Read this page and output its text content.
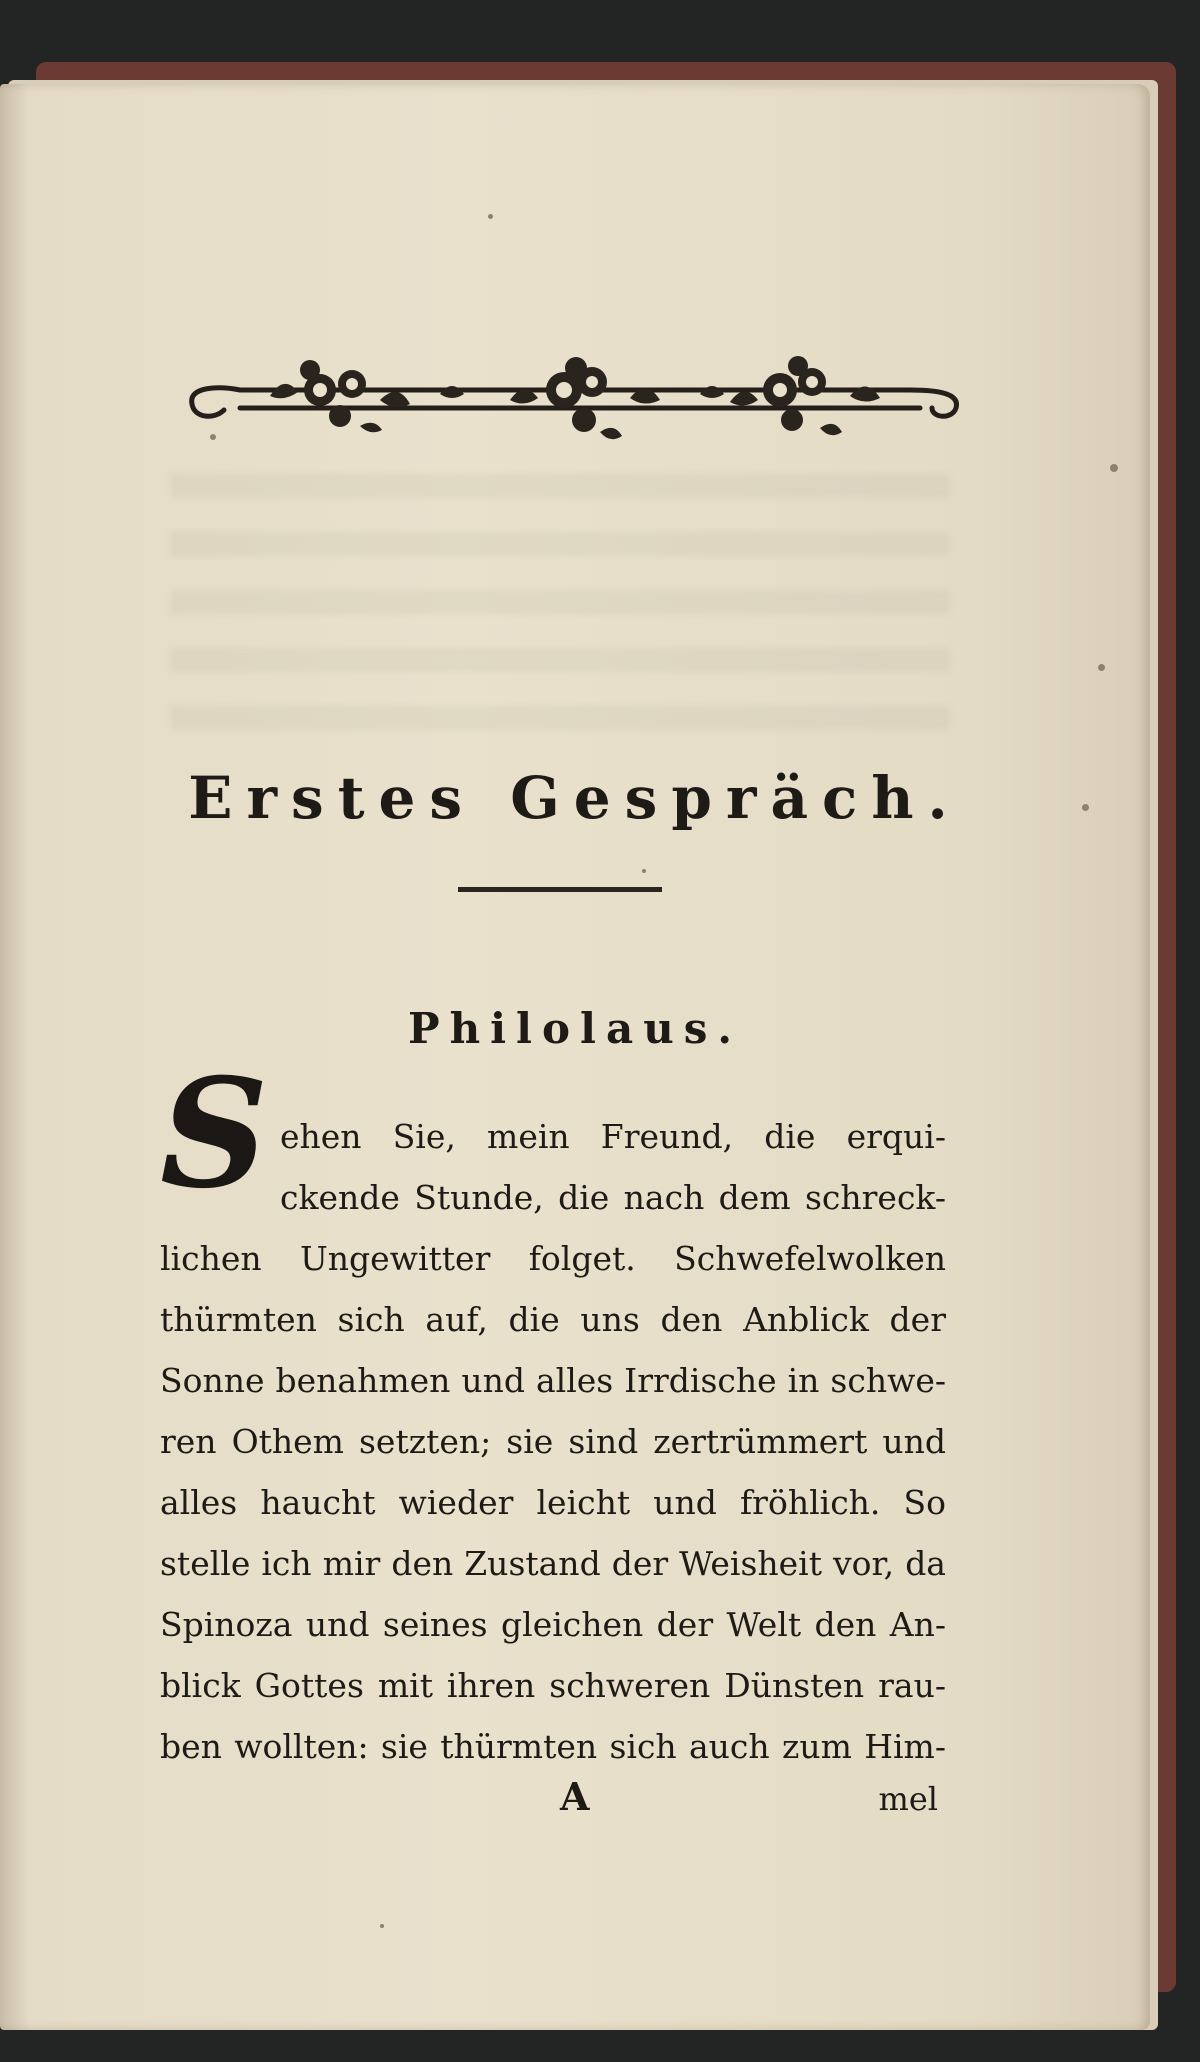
Erstes Gespräch.
Philolaus.
S ehen Sie, mein Freund, die erqui-
ckende Stunde, die nach dem schreck-
lichen Ungewitter folget. Schwefelwolken
thürmten sich auf, die uns den Anblick der
Sonne benahmen und alles Irrdische in schwe-
ren Othem setzten; sie sind zertrümmert und
alles haucht wieder leicht und fröhlich. So
stelle ich mir den Zustand der Weisheit vor, da
Spinoza und seines gleichen der Welt den An-
blick Gottes mit ihren schweren Dünsten rau-
ben wollten: sie thürmten sich auch zum Him-
A	mel
